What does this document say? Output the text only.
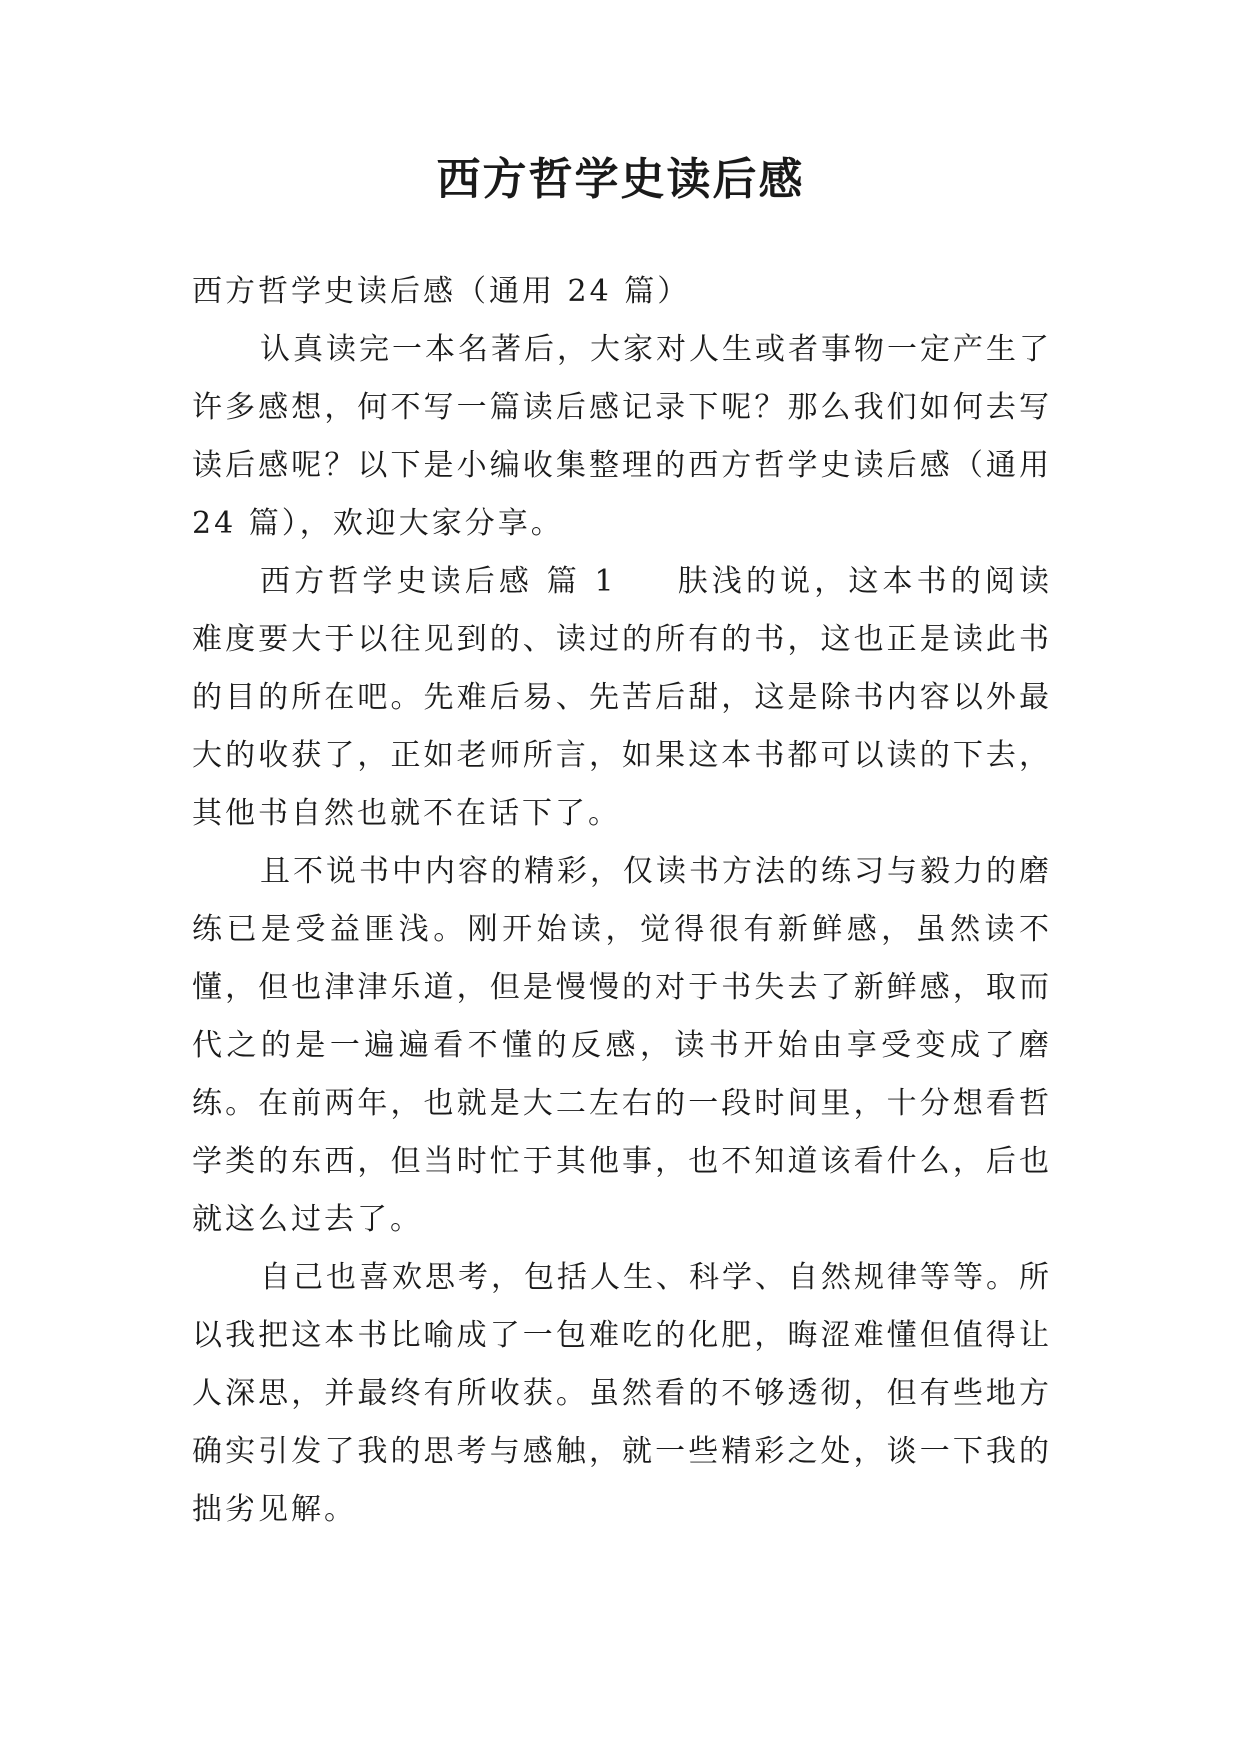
西方哲学史读后感

西方哲学史读后感（通用 24 篇）

认真读完一本名著后，大家对人生或者事物一定产生了许多感想，何不写一篇读后感记录下呢？那么我们如何去写读后感呢？以下是小编收集整理的西方哲学史读后感（通用 24 篇），欢迎大家分享。

西方哲学史读后感 篇 1 肤浅的说，这本书的阅读难度要大于以往见到的、读过的所有的书，这也正是读此书的目的所在吧。先难后易、先苦后甜，这是除书内容以外最大的收获了，正如老师所言，如果这本书都可以读的下去，其他书自然也就不在话下了。

且不说书中内容的精彩，仅读书方法的练习与毅力的磨练已是受益匪浅。刚开始读，觉得很有新鲜感，虽然读不懂，但也津津乐道，但是慢慢的对于书失去了新鲜感，取而代之的是一遍遍看不懂的反感，读书开始由享受变成了磨练。在前两年，也就是大二左右的一段时间里，十分想看哲学类的东西，但当时忙于其他事，也不知道该看什么，后也就这么过去了。

自己也喜欢思考，包括人生、科学、自然规律等等。所以我把这本书比喻成了一包难吃的化肥，晦涩难懂但值得让人深思，并最终有所收获。虽然看的不够透彻，但有些地方确实引发了我的思考与感触，就一些精彩之处，谈一下我的拙劣见解。
